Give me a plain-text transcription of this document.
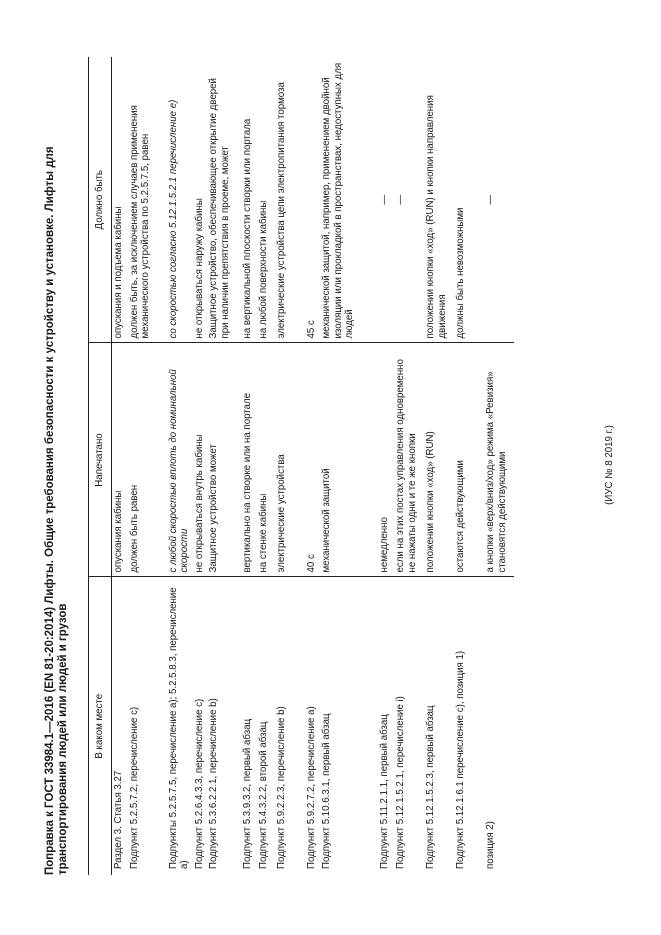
Поправка к ГОСТ 33984.1—2016 (EN 81-20:2014) Лифты. Общие требования безопасности к устройству и установке. Лифты для транспортирования людей или людей и грузов	В каком месте	Напечатано	Должно быть
Раздел 3. Статья 3.27	опускания кабины	опускания и подъема кабины
Подпункт 5.2.5.7.2, перечисление с)	должен быть равен	должен быть, за исключением случаев применения механического устройства по 5.2.5.7.5, равен
Подпункты 5.2.5.7.5, перечисление а); 5.2.5.8.3, перечисление а)	с любой скоростью вплоть до номинальной скорости	со скоростью согласно 5.12.1.5.2.1 перечисление е)
Подпункт 5.2.6.4.3.3, перечисление с)	не открываться внутрь кабины	не открываться наружу кабины
Подпункт 5.3.6.2.2.1, перечисление b)	Защитное устройство может	Защитное устройство, обеспечивающее открытие дверей при наличии препятствия в проеме, может
Подпункт 5.3.9.3.2, первый абзац	вертикально на створке или на портале	на вертикальной плоскости створки или портала
Подпункт 5.4.3.2.2, второй абзац	на стенке кабины	на любой поверхности кабины
Подпункт 5.9.2.2.3, перечисление b)	электрические устройства	электрические устройства цепи электропитания тормоза
Подпункт 5.9.2.7.2, перечисление а)	40 с	45 с
Подпункт 5.10.6.3.1, первый абзац	механической защитой	механической защитой, например, применением двойной изоляции или прокладкой в пространствах, недоступных для людей
Подпункт 5.11.2.1.1, первый абзац	немедленно	—
Подпункт 5.12.1.5.2.1, перечисление i)	если на этих постах управления одновременно не нажаты одни и те же кнопки	—
Подпункт 5.12.1.5.2.3, первый абзац	положении кнопки «ход» (RUN)	положении кнопки «ход» (RUN) и кнопки направления движения
Подпункт 5.12.1.6.1 перечисление с), позиция 1)	остаются действующими	должны быть невозможными
позиция 2)	а кнопки «верх/вниз/ход» режима «Ревизия» становятся действующими	—
(ИУС № 8 2019 г.)
